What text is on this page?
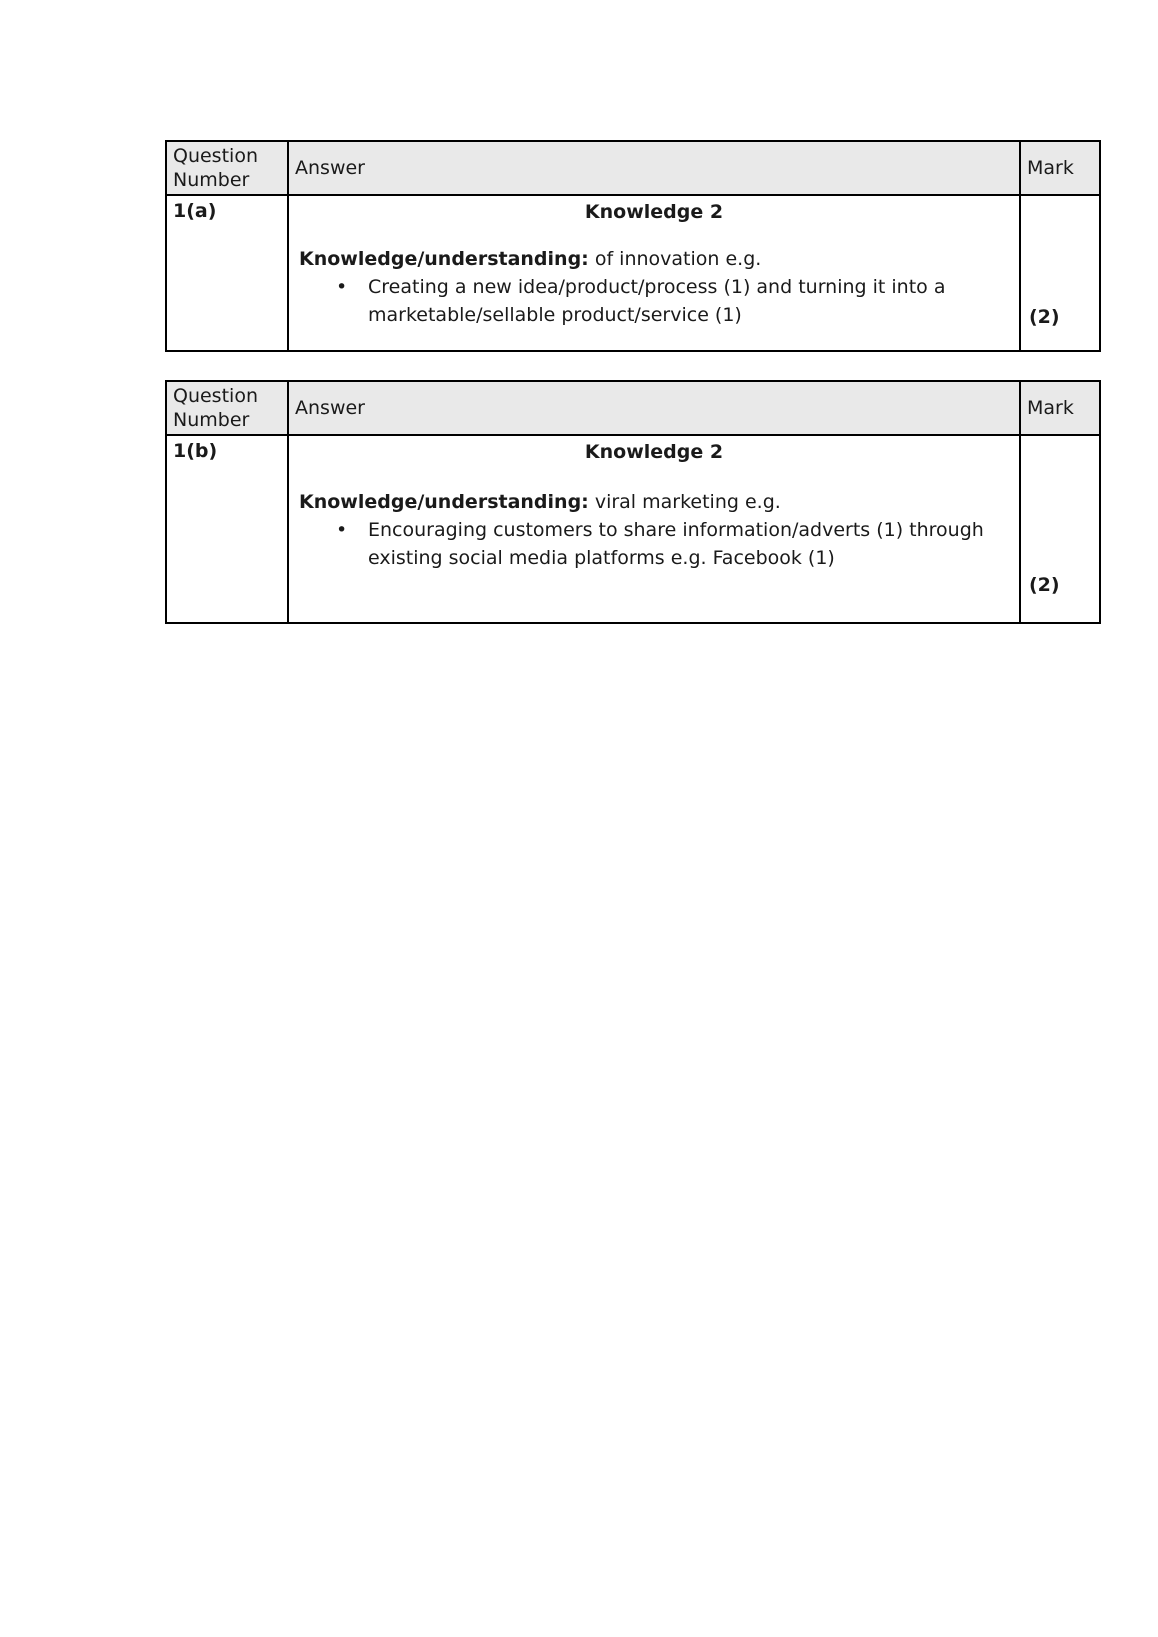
Question Number	Answer	Mark
1(a)	Knowledge 2
Knowledge/understanding: of innovation e.g.
• Creating a new idea/product/process (1) and turning it into a marketable/sellable product/service (1)	(2)
Question Number	Answer	Mark
1(b)	Knowledge 2
Knowledge/understanding: viral marketing e.g.
• Encouraging customers to share information/adverts (1) through existing social media platforms e.g. Facebook (1)	(2)
